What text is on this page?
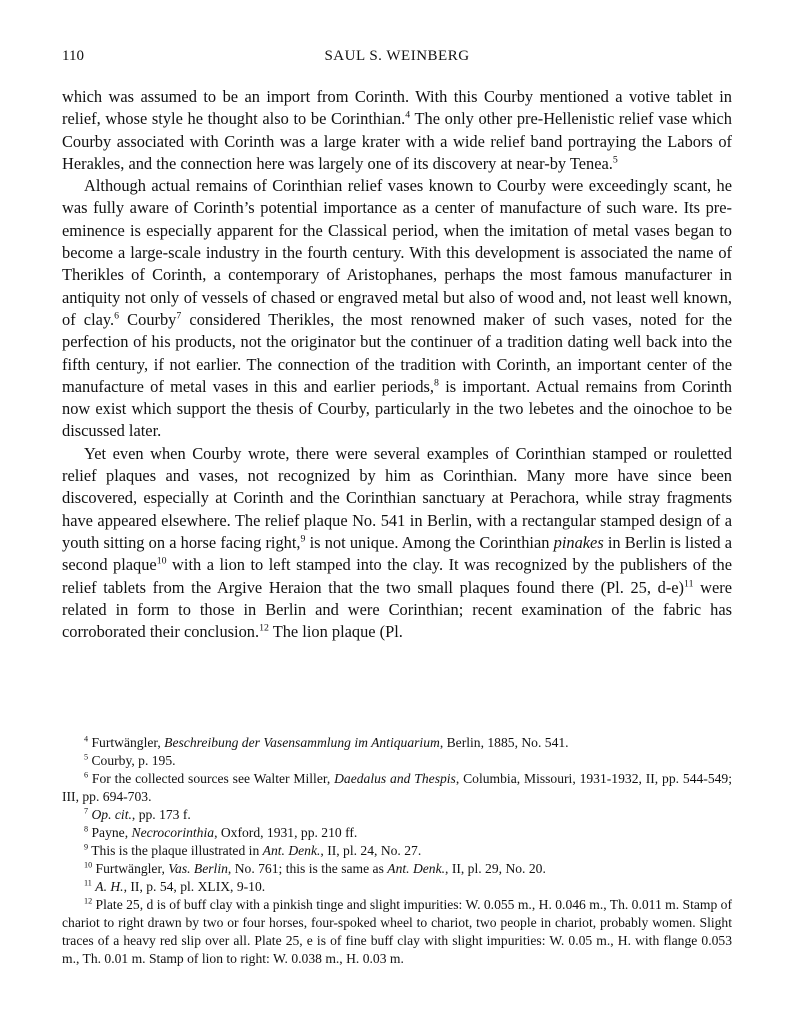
110	SAUL S. WEINBERG

which was assumed to be an import from Corinth. With this Courby mentioned a votive tablet in relief, whose style he thought also to be Corinthian.$^4$ The only other pre-Hellenistic relief vase which Courby associated with Corinth was a large krater with a wide relief band portraying the Labors of Herakles, and the connection here was largely one of its discovery at near-by Tenea.$^5$

Although actual remains of Corinthian relief vases known to Courby were exceedingly scant, he was fully aware of Corinth’s potential importance as a center of manufacture of such ware. Its pre-eminence is especially apparent for the Classical period, when the imitation of metal vases began to become a large-scale industry in the fourth century. With this development is associated the name of Therikles of Corinth, a contemporary of Aristophanes, perhaps the most famous manufacturer in antiquity not only of vessels of chased or engraved metal but also of wood and, not least well known, of clay.$^6$ Courby$^7$ considered Therikles, the most renowned maker of such vases, noted for the perfection of his products, not the originator but the continuer of a tradition dating well back into the fifth century, if not earlier. The connection of the tradition with Corinth, an important center of the manufacture of metal vases in this and earlier periods,$^8$ is important. Actual remains from Corinth now exist which support the thesis of Courby, particularly in the two lebetes and the oinochoe to be discussed later.

Yet even when Courby wrote, there were several examples of Corinthian stamped or rouletted relief plaques and vases, not recognized by him as Corinthian. Many more have since been discovered, especially at Corinth and the Corinthian sanctuary at Perachora, while stray fragments have appeared elsewhere. The relief plaque No. 541 in Berlin, with a rectangular stamped design of a youth sitting on a horse facing right,$^9$ is not unique. Among the Corinthian pinakes in Berlin is listed a second plaque$^{10}$ with a lion to left stamped into the clay. It was recognized by the publishers of the relief tablets from the Argive Heraion that the two small plaques found there (Pl. 25, d-e)$^{11}$ were related in form to those in Berlin and were Corinthian; recent examination of the fabric has corroborated their conclusion.$^{12}$ The lion plaque (Pl.

$^4$ Furtwängler, Beschreibung der Vasensammlung im Antiquarium, Berlin, 1885, No. 541.

$^5$ Courby, p. 195.

$^6$ For the collected sources see Walter Miller, Daedalus and Thespis, Columbia, Missouri, 1931-1932, II, pp. 544-549; III, pp. 694-703.

$^7$ Op. cit., pp. 173 f.

$^8$ Payne, Necrocorinthia, Oxford, 1931, pp. 210 ff.

$^9$ This is the plaque illustrated in Ant. Denk., II, pl. 24, No. 27.

$^{10}$ Furtwängler, Vas. Berlin, No. 761; this is the same as Ant. Denk., II, pl. 29, No. 20.

$^{11}$ A. H., II, p. 54, pl. XLIX, 9-10.

$^{12}$ Plate 25, d is of buff clay with a pinkish tinge and slight impurities: W. 0.055 m., H. 0.046 m., Th. 0.011 m. Stamp of chariot to right drawn by two or four horses, four-spoked wheel to chariot, two people in chariot, probably women. Slight traces of a heavy red slip over all. Plate 25, e is of fine buff clay with slight impurities: W. 0.05 m., H. with flange 0.053 m., Th. 0.01 m. Stamp of lion to right: W. 0.038 m., H. 0.03 m.
